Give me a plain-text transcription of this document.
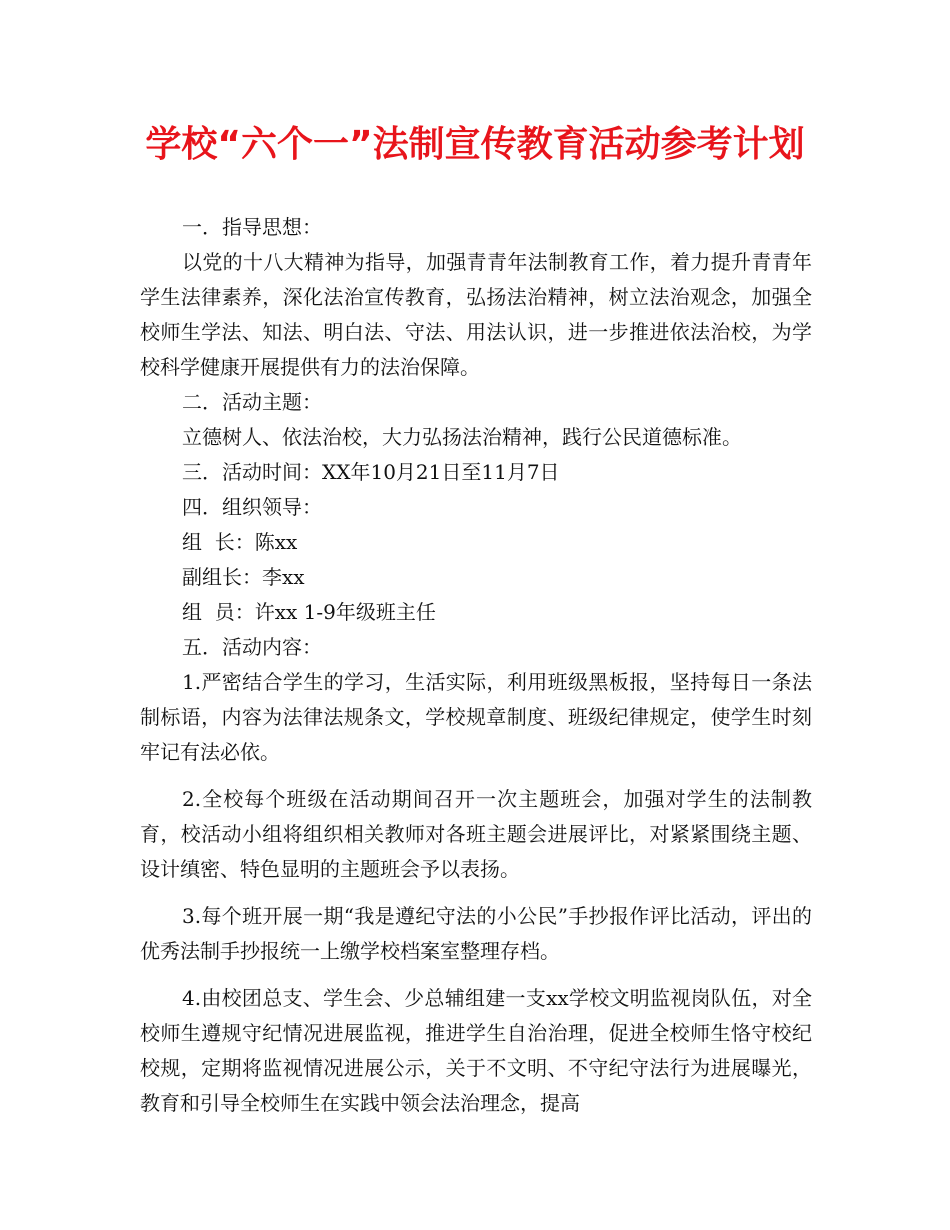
学校“六个一”法制宣传教育活动参考计划

一．指导思想：

以党的十八大精神为指导，加强青青年法制教育工作，着力提升青青年学生法律素养，深化法治宣传教育，弘扬法治精神，树立法治观念，加强全校师生学法、知法、明白法、守法、用法认识，进一步推进依法治校，为学校科学健康开展提供有力的法治保障。

二．活动主题：

立德树人、依法治校，大力弘扬法治精神，践行公民道德标准。

三．活动时间：XX年10月21日至11月7日

四．组织领导：

组  长：陈xx

副组长：李xx

组  员：许xx 1-9年级班主任

五．活动内容：

1.严密结合学生的学习，生活实际，利用班级黑板报，坚持每日一条法制标语，内容为法律法规条文，学校规章制度、班级纪律规定，使学生时刻牢记有法必依。

2.全校每个班级在活动期间召开一次主题班会，加强对学生的法制教育，校活动小组将组织相关教师对各班主题会进展评比，对紧紧围绕主题、设计缜密、特色显明的主题班会予以表扬。

3.每个班开展一期“我是遵纪守法的小公民”手抄报作评比活动，评出的优秀法制手抄报统一上缴学校档案室整理存档。

4.由校团总支、学生会、少总辅组建一支xx学校文明监视岗队伍，对全校师生遵规守纪情况进展监视，推进学生自治治理，促进全校师生恪守校纪校规，定期将监视情况进展公示，关于不文明、不守纪守法行为进展曝光，教育和引导全校师生在实践中领会法治理念，提高
